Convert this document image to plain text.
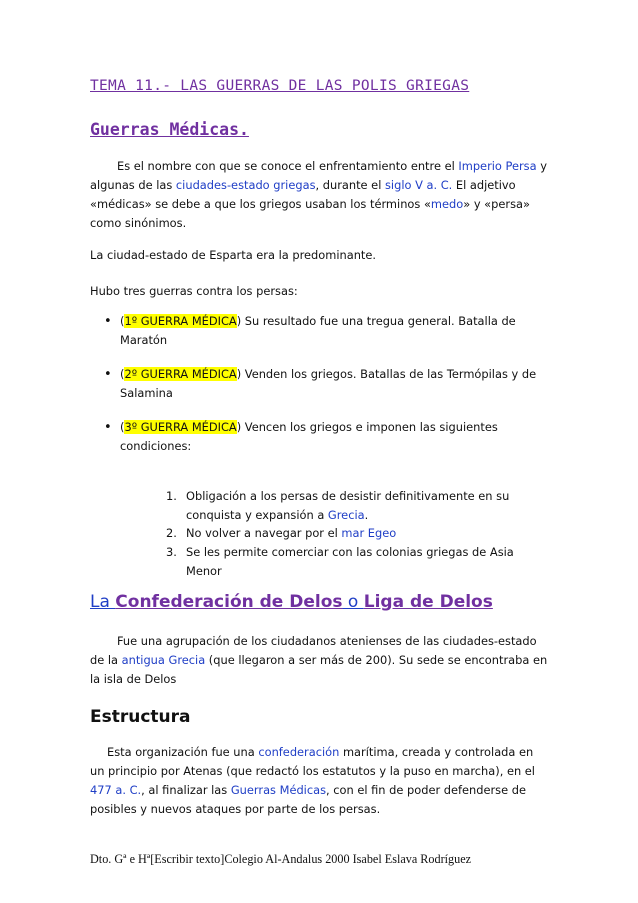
TEMA 11.- LAS GUERRAS DE LAS POLIS GRIEGAS
Guerras Médicas.
Es el nombre con que se conoce el enfrentamiento entre el Imperio Persa y algunas de las ciudades-estado griegas, durante el siglo V a. C. El adjetivo «médicas» se debe a que los griegos usaban los términos «medo» y «persa» como sinónimos.
La ciudad-estado de Esparta era la predominante.
Hubo tres guerras contra los persas:
• (1º GUERRA MÉDICA) Su resultado fue una tregua general. Batalla de Maratón
• (2º GUERRA MÉDICA) Venden los griegos. Batallas de las Termópilas y de Salamina
• (3º GUERRA MÉDICA) Vencen los griegos e imponen las siguientes condiciones:
1. Obligación a los persas de desistir definitivamente en su conquista y expansión a Grecia.
2. No volver a navegar por el mar Egeo
3. Se les permite comerciar con las colonias griegas de Asia Menor
La Confederación de Delos o Liga de Delos
Fue una agrupación de los ciudadanos atenienses de las ciudades-estado de la antigua Grecia (que llegaron a ser más de 200). Su sede se encontraba en la isla de Delos
Estructura
Esta organización fue una confederación marítima, creada y controlada en un principio por Atenas (que redactó los estatutos y la puso en marcha), en el 477 a. C., al finalizar las Guerras Médicas, con el fin de poder defenderse de posibles y nuevos ataques por parte de los persas.
Dto. Gª e Hª[Escribir texto]Colegio Al-Andalus 2000 Isabel Eslava Rodríguez
